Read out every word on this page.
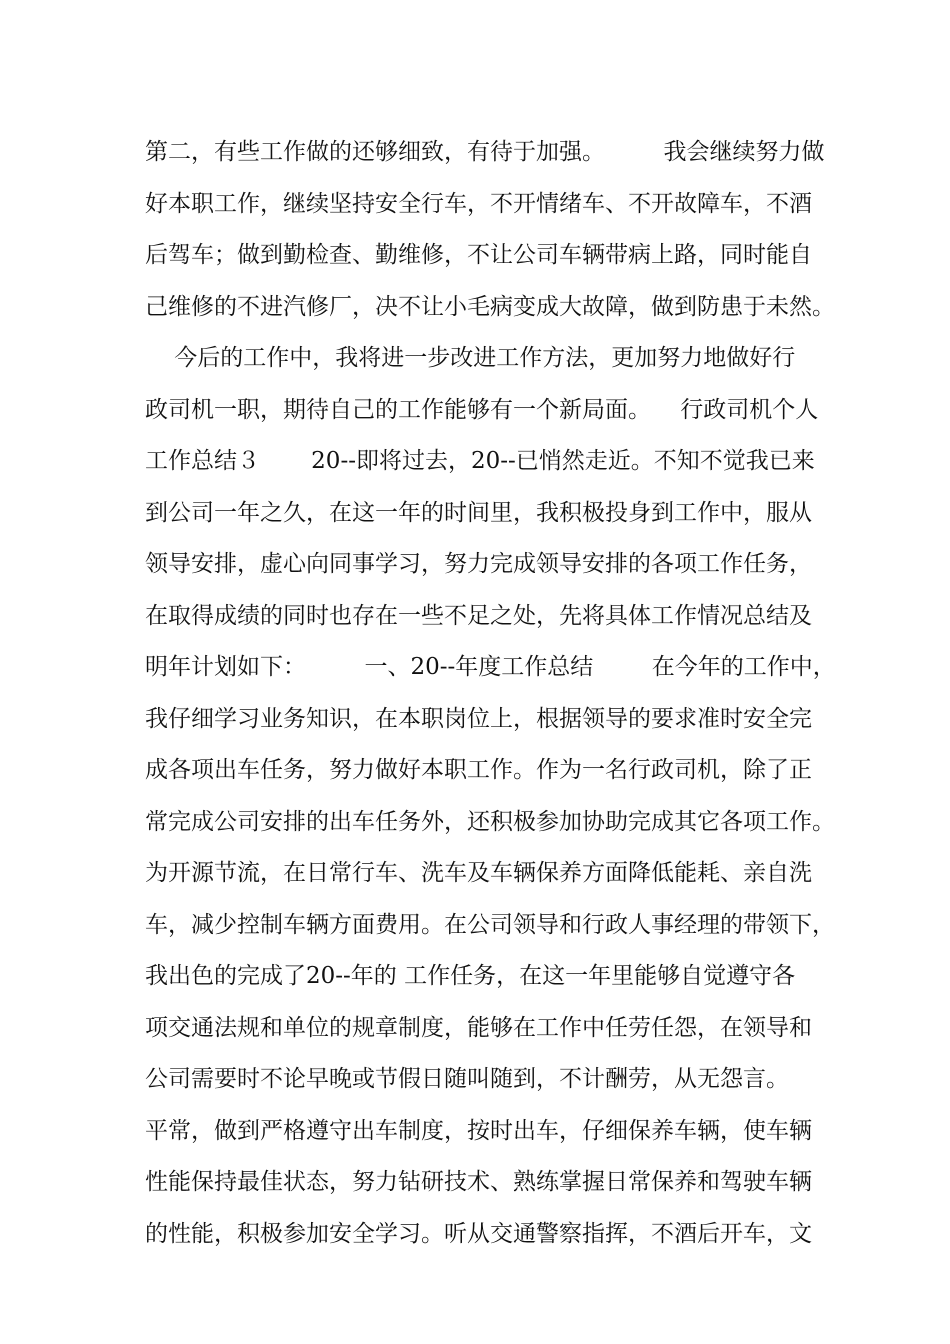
第二，有些工作做的还够细致，有待于加强。        我会继续努力做
好本职工作，继续坚持安全行车，不开情绪车、不开故障车，不酒
后驾车；做到勤检查、勤维修，不让公司车辆带病上路，同时能自
己维修的不进汽修厂，决不让小毛病变成大故障，做到防患于未然。
今后的工作中，我将进一步改进工作方法，更加努力地做好行
政司机一职，期待自己的工作能够有一个新局面。    行政司机个人
工作总结３       20--即将过去，20--已悄然走近。不知不觉我已来
到公司一年之久，在这一年的时间里，我积极投身到工作中，服从
领导安排，虚心向同事学习，努力完成领导安排的各项工作任务，
在取得成绩的同时也存在一些不足之处，先将具体工作情况总结及
明年计划如下：        一、20--年度工作总结        在今年的工作中，
我仔细学习业务知识，在本职岗位上，根据领导的要求准时安全完
成各项出车任务，努力做好本职工作。作为一名行政司机，除了正
常完成公司安排的出车任务外，还积极参加协助完成其它各项工作。
为开源节流，在日常行车、洗车及车辆保养方面降低能耗、亲自洗
车，减少控制车辆方面费用。在公司领导和行政人事经理的带领下，
我出色的完成了20--年的 工作任务，在这一年里能够自觉遵守各
项交通法规和单位的规章制度，能够在工作中任劳任怨，在领导和
公司需要时不论早晚或节假日随叫随到，不计酬劳，从无怨言。
平常，做到严格遵守出车制度，按时出车，仔细保养车辆，使车辆
性能保持最佳状态，努力钻研技术、熟练掌握日常保养和驾驶车辆
的性能，积极参加安全学习。听从交通警察指挥，不酒后开车，文
